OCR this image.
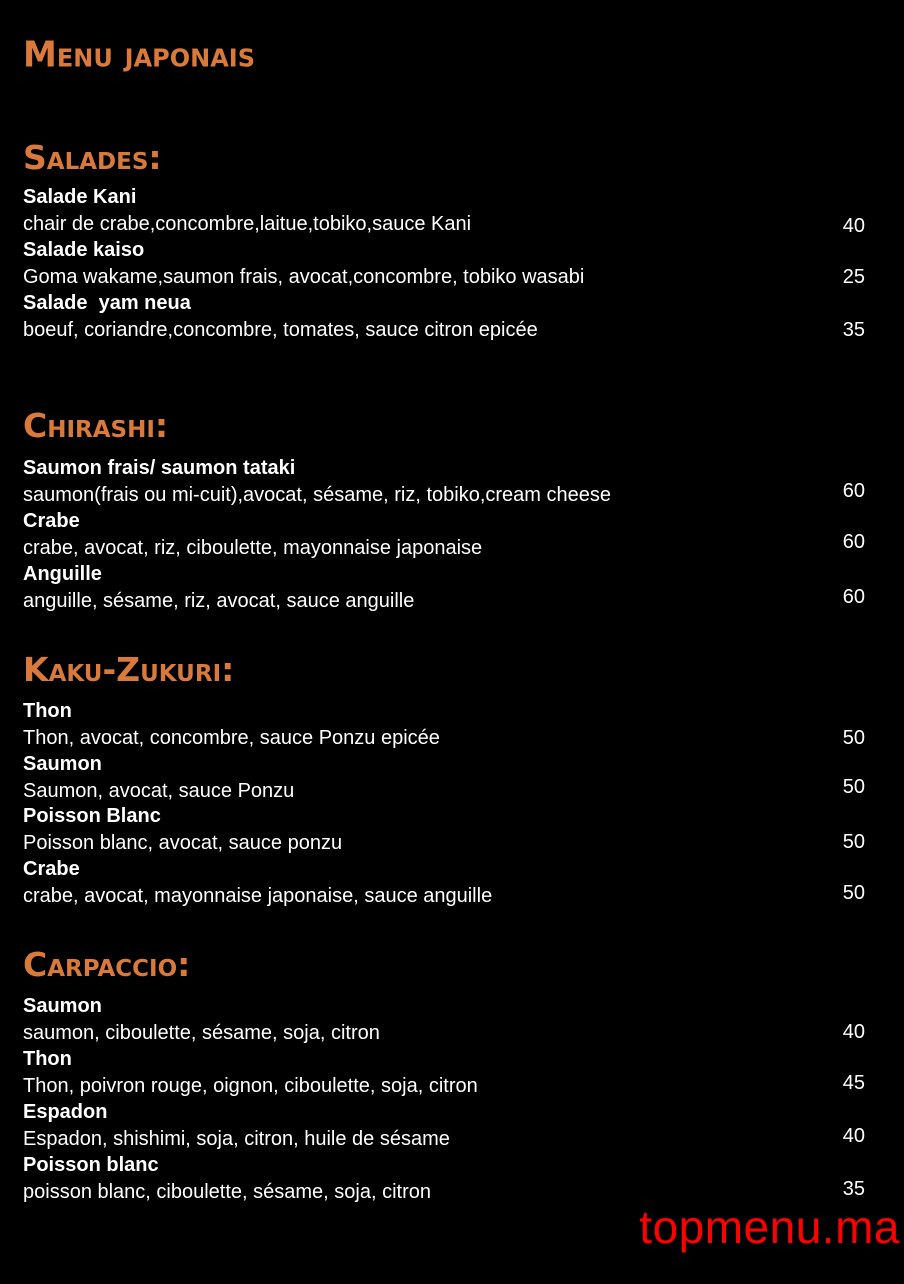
Menu japonais
Salades:
Salade Kani
chair de crabe,concombre,laitue,tobiko,sauce Kani	40
Salade kaiso
Goma wakame,saumon frais, avocat,concombre, tobiko wasabi	25
Salade  yam neua
boeuf, coriandre,concombre, tomates, sauce citron epicée	35
Chirashi:
Saumon frais/ saumon tataki
saumon(frais ou mi-cuit),avocat, sésame, riz, tobiko,cream cheese	60
Crabe
crabe, avocat, riz, ciboulette, mayonnaise japonaise	60
Anguille
anguille, sésame, riz, avocat, sauce anguille	60
Kaku-Zukuri:
Thon
Thon, avocat, concombre, sauce Ponzu epicée	50
Saumon
Saumon, avocat, sauce Ponzu	50
Poisson Blanc
Poisson blanc, avocat, sauce ponzu	50
Crabe
crabe, avocat, mayonnaise japonaise, sauce anguille	50
Carpaccio:
Saumon
saumon, ciboulette, sésame, soja, citron	40
Thon
Thon, poivron rouge, oignon, ciboulette, soja, citron	45
Espadon
Espadon, shishimi, soja, citron, huile de sésame	40
Poisson blanc
poisson blanc, ciboulette, sésame, soja, citron	35
topmenu.ma
